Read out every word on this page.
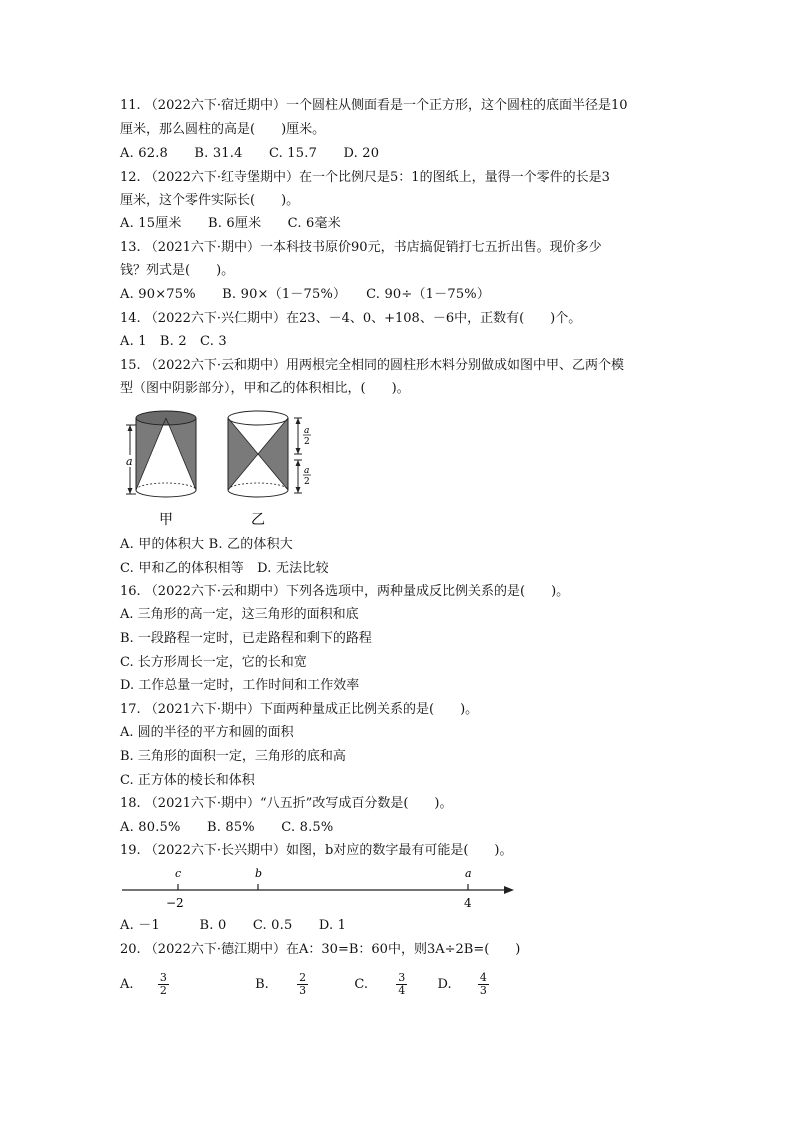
11. （2022六下·宿迁期中）一个圆柱从侧面看是一个正方形，这个圆柱的底面半径是10
厘米，那么圆柱的高是(　　)厘米。
A. 62.8　　B. 31.4　　C. 15.7　　D. 20
12. （2022六下·红寺堡期中）在一个比例尺是5：1的图纸上，量得一个零件的长是3
厘米，这个零件实际长(　　)。
A. 15厘米　　B. 6厘米　　C. 6毫米
13. （2021六下·期中）一本科技书原价90元，书店搞促销打七五折出售。现价多少
钱？列式是(　　)。
A. 90×75%　　B. 90×（1－75%）　　C. 90÷（1－75%）
14. （2022六下·兴仁期中）在23、－4、0、+108、－6中，正数有(　　)个。
A. 1　B. 2　C. 3
15. （2022六下·云和期中）用两根完全相同的圆柱形木料分别做成如图中甲、乙两个模
型（图中阴影部分），甲和乙的体积相比，(　　)。
a
甲
a
2
a
2
乙
A. 甲的体积大 B. 乙的体积大
C. 甲和乙的体积相等　D. 无法比较
16. （2022六下·云和期中）下列各选项中，两种量成反比例关系的是(　　)。
A. 三角形的高一定，这三角形的面积和底
B. 一段路程一定时，已走路程和剩下的路程
C. 长方形周长一定，它的长和宽
D. 工作总量一定时，工作时间和工作效率
17. （2021六下·期中）下面两种量成正比例关系的是(　　)。
A. 圆的半径的平方和圆的面积
B. 三角形的面积一定，三角形的底和高
C. 正方体的棱长和体积
18. （2021六下·期中）“八五折”改写成百分数是(　　)。
A. 80.5%　　B. 85%　　C. 8.5%
19. （2022六下·长兴期中）如图，b对应的数字最有可能是(　　)。
c	b	a
−2	4
A. －1　　　B. 0　　C. 0.5　　D. 1
20. （2022六下·德江期中）在A：30=B：60中，则3A÷2B=(　　)
A. $\frac{3}{2}$	B.	$\frac{2}{3}$	C.	$\frac{3}{4} D$. $\frac{4}{3}$
